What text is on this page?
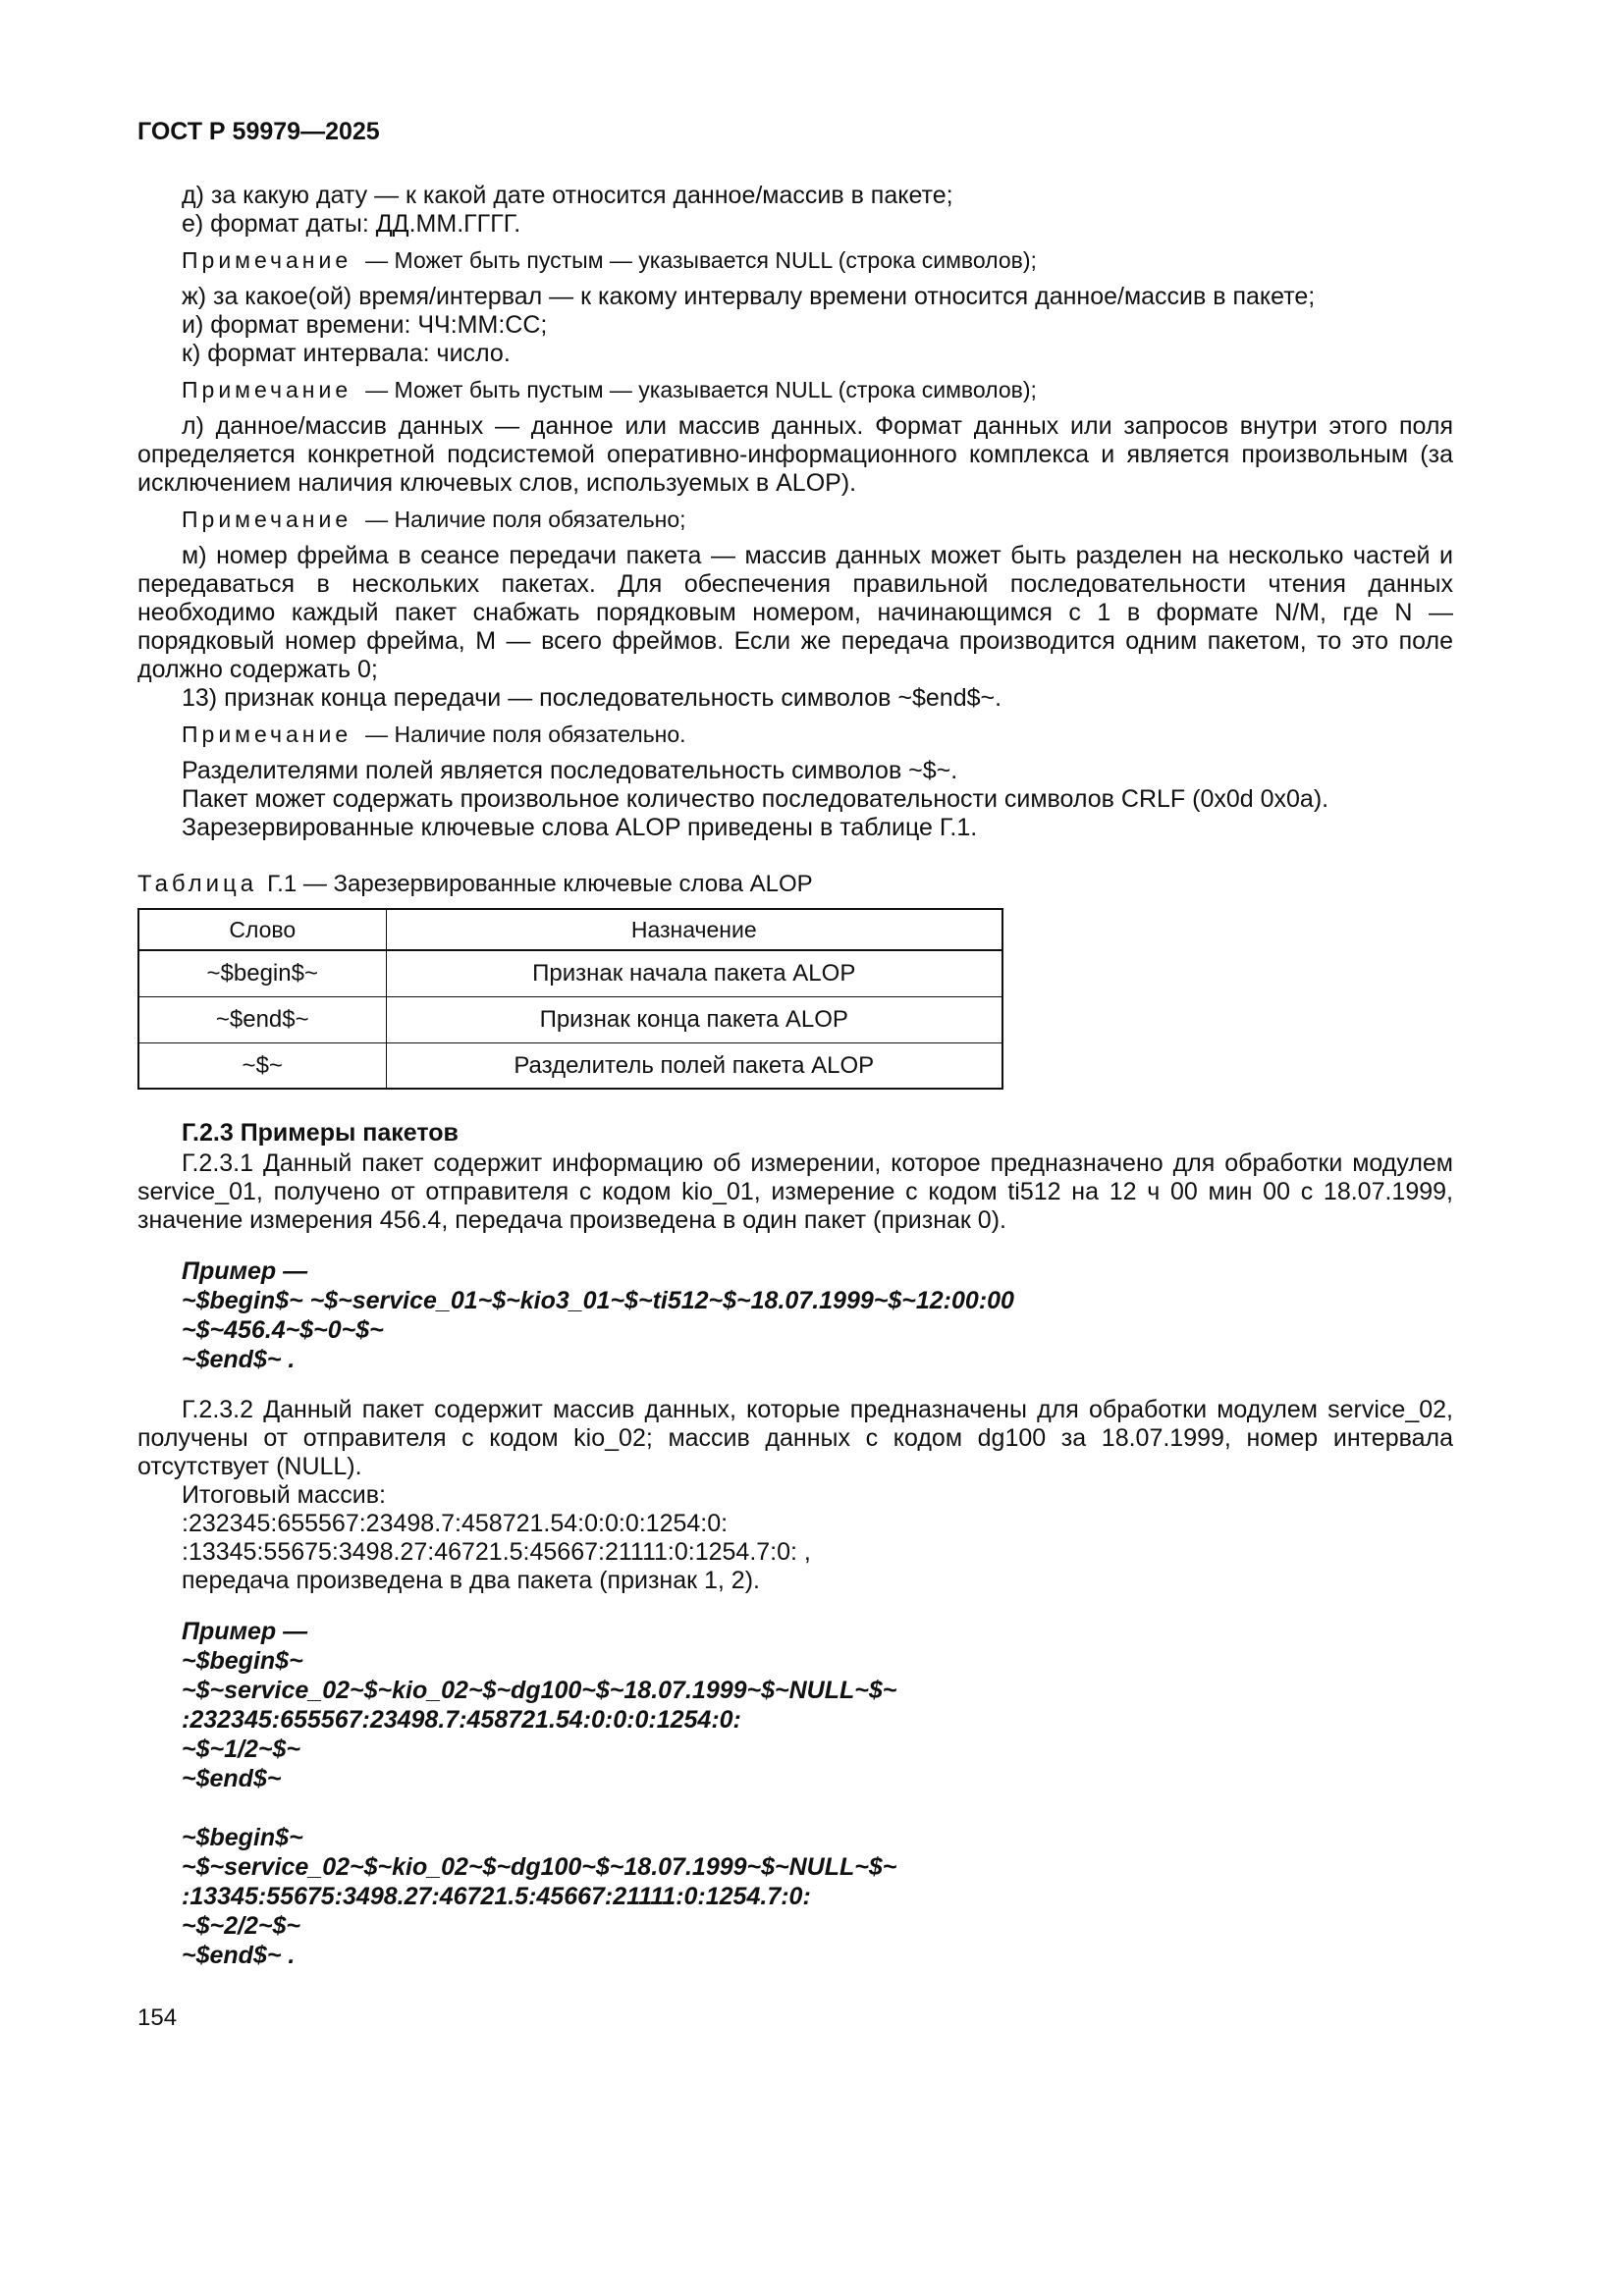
ГОСТ Р 59979—2025

д) за какую дату — к какой дате относится данное/массив в пакете;

е) формат даты: ДД.ММ.ГГГГ.

Примечание — Может быть пустым — указывается NULL (строка символов);

ж) за какое(ой) время/интервал — к какому интервалу времени относится данное/массив в пакете;

и) формат времени: ЧЧ:ММ:СС;

к) формат интервала: число.

Примечание — Может быть пустым — указывается NULL (строка символов);

л) данное/массив данных — данное или массив данных. Формат данных или запросов внутри этого поля определяется конкретной подсистемой оперативно-информационного комплекса и является произвольным (за исключением наличия ключевых слов, используемых в ALOP).

Примечание — Наличие поля обязательно;

м) номер фрейма в сеансе передачи пакета — массив данных может быть разделен на несколько частей и передаваться в нескольких пакетах. Для обеспечения правильной последовательности чтения данных необходимо каждый пакет снабжать порядковым номером, начинающимся с 1 в формате N/M, где N — порядковый номер фрейма, М — всего фреймов. Если же передача производится одним пакетом, то это поле должно содержать 0;

13) признак конца передачи — последовательность символов ~$end$~.

Примечание — Наличие поля обязательно.

Разделителями полей является последовательность символов ~$~.

Пакет может содержать произвольное количество последовательности символов CRLF (0x0d 0x0a).

Зарезервированные ключевые слова ALOP приведены в таблице Г.1.

Таблица Г.1 — Зарезервированные ключевые слова ALOP

Слово	Назначение
~$begin$~	Признак начала пакета ALOP
~$end$~	Признак конца пакета ALOP
~$~	Разделитель полей пакета ALOP
Г.2.3 Примеры пакетов

Г.2.3.1 Данный пакет содержит информацию об измерении, которое предназначено для обработки модулем service_01, получено от отправителя с кодом kio_01, измерение с кодом ti512 на 12 ч 00 мин 00 с 18.07.1999, значение измерения 456.4, передача произведена в один пакет (признак 0).

Пример —

~$begin$~ ~$~service_01~$~kio3_01~$~ti512~$~18.07.1999~$~12:00:00

~$~456.4~$~0~$~

~$end$~ .

Г.2.3.2 Данный пакет содержит массив данных, которые предназначены для обработки модулем service_02, получены от отправителя с кодом kio_02; массив данных с кодом dg100 за 18.07.1999, номер интервала отсутствует (NULL).

Итоговый массив:

:232345:655567:23498.7:458721.54:0:0:0:1254:0:

:13345:55675:3498.27:46721.5:45667:21111:0:1254.7:0: ,

передача произведена в два пакета (признак 1, 2).

Пример —

~$begin$~

~$~service_02~$~kio_02~$~dg100~$~18.07.1999~$~NULL~$~

:232345:655567:23498.7:458721.54:0:0:0:1254:0:

~$~1/2~$~

~$end$~

~$begin$~

~$~service_02~$~kio_02~$~dg100~$~18.07.1999~$~NULL~$~

:13345:55675:3498.27:46721.5:45667:21111:0:1254.7:0:

~$~2/2~$~

~$end$~ .

154
